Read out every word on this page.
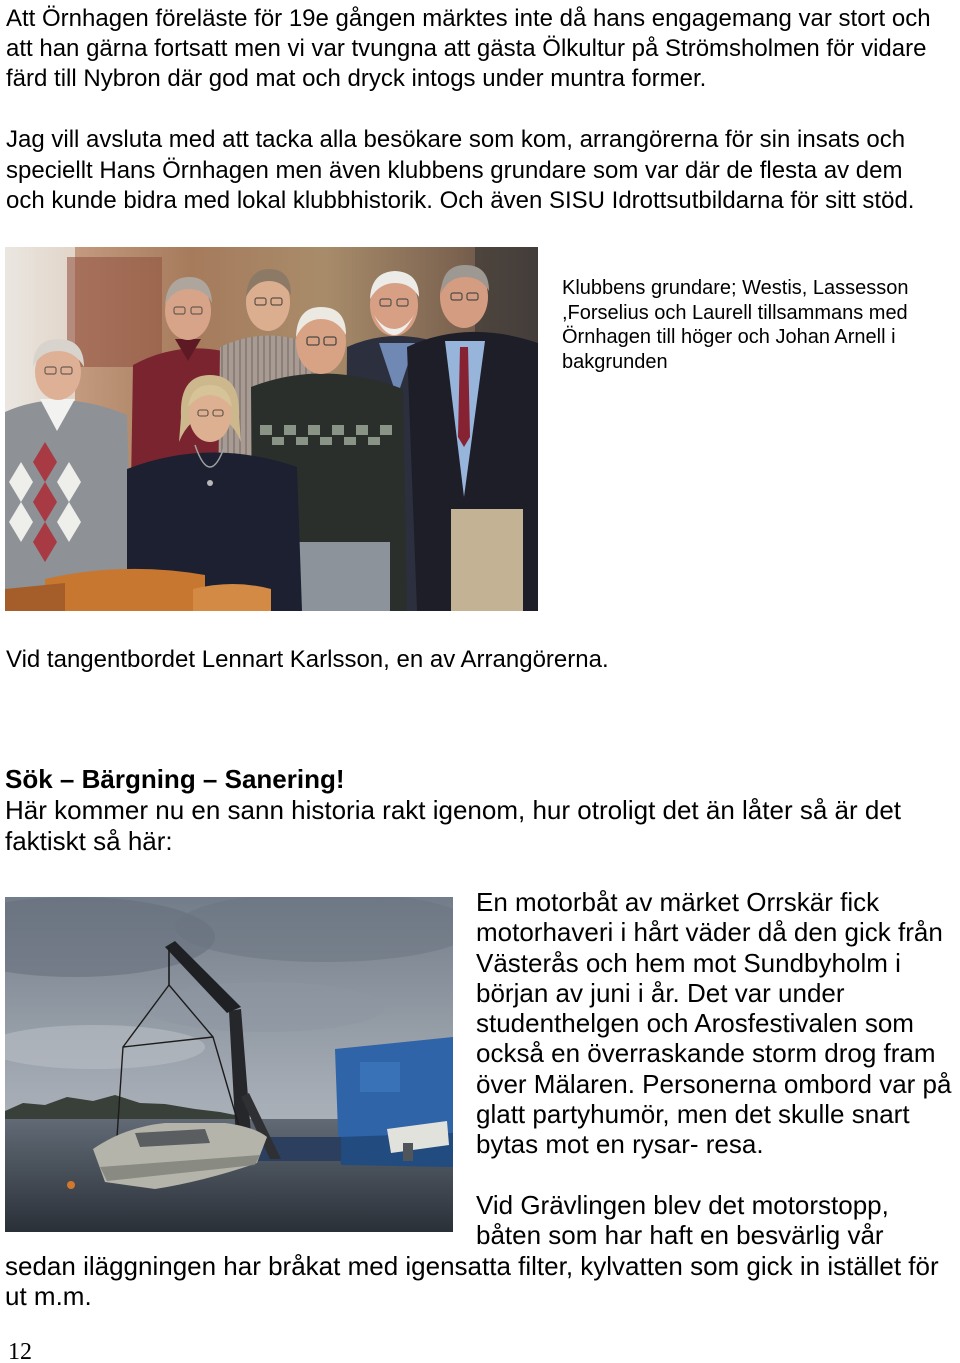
Att Örnhagen föreläste för 19e gången märktes inte då hans engagemang var stort och
att han gärna fortsatt men vi var tvungna att gästa Ölkultur på Strömsholmen för vidare
färd till Nybron där god mat och dryck intogs under muntra former.
Jag vill avsluta med att tacka alla besökare som kom, arrangörerna för sin insats och
speciellt Hans Örnhagen men även klubbens grundare som var där de flesta av dem
och kunde bidra med lokal klubbhistorik. Och även SISU Idrottsutbildarna för sitt stöd.
Klubbens grundare; Westis, Lassesson
,Forselius och Laurell tillsammans med
Örnhagen till höger och Johan Arnell i
bakgrunden
Vid tangentbordet Lennart Karlsson, en av Arrangörerna.
Sök – Bärgning – Sanering!
Här kommer nu en sann historia rakt igenom, hur otroligt det än låter så är det
faktiskt så här:
En motorbåt av märket Orrskär fick
motorhaveri i hårt väder då den gick från
Västerås och hem mot Sundbyholm i
början av juni i år. Det var under
studenthelgen och Arosfestivalen som
också en överraskande storm drog fram
över Mälaren. Personerna ombord var på
glatt partyhumör, men det skulle snart
bytas mot en rysar- resa.
Vid Grävlingen blev det motorstopp,
båten som har haft en besvärlig vår
sedan iläggningen har bråkat med igensatta filter, kylvatten som gick in istället för
ut m.m.
12
